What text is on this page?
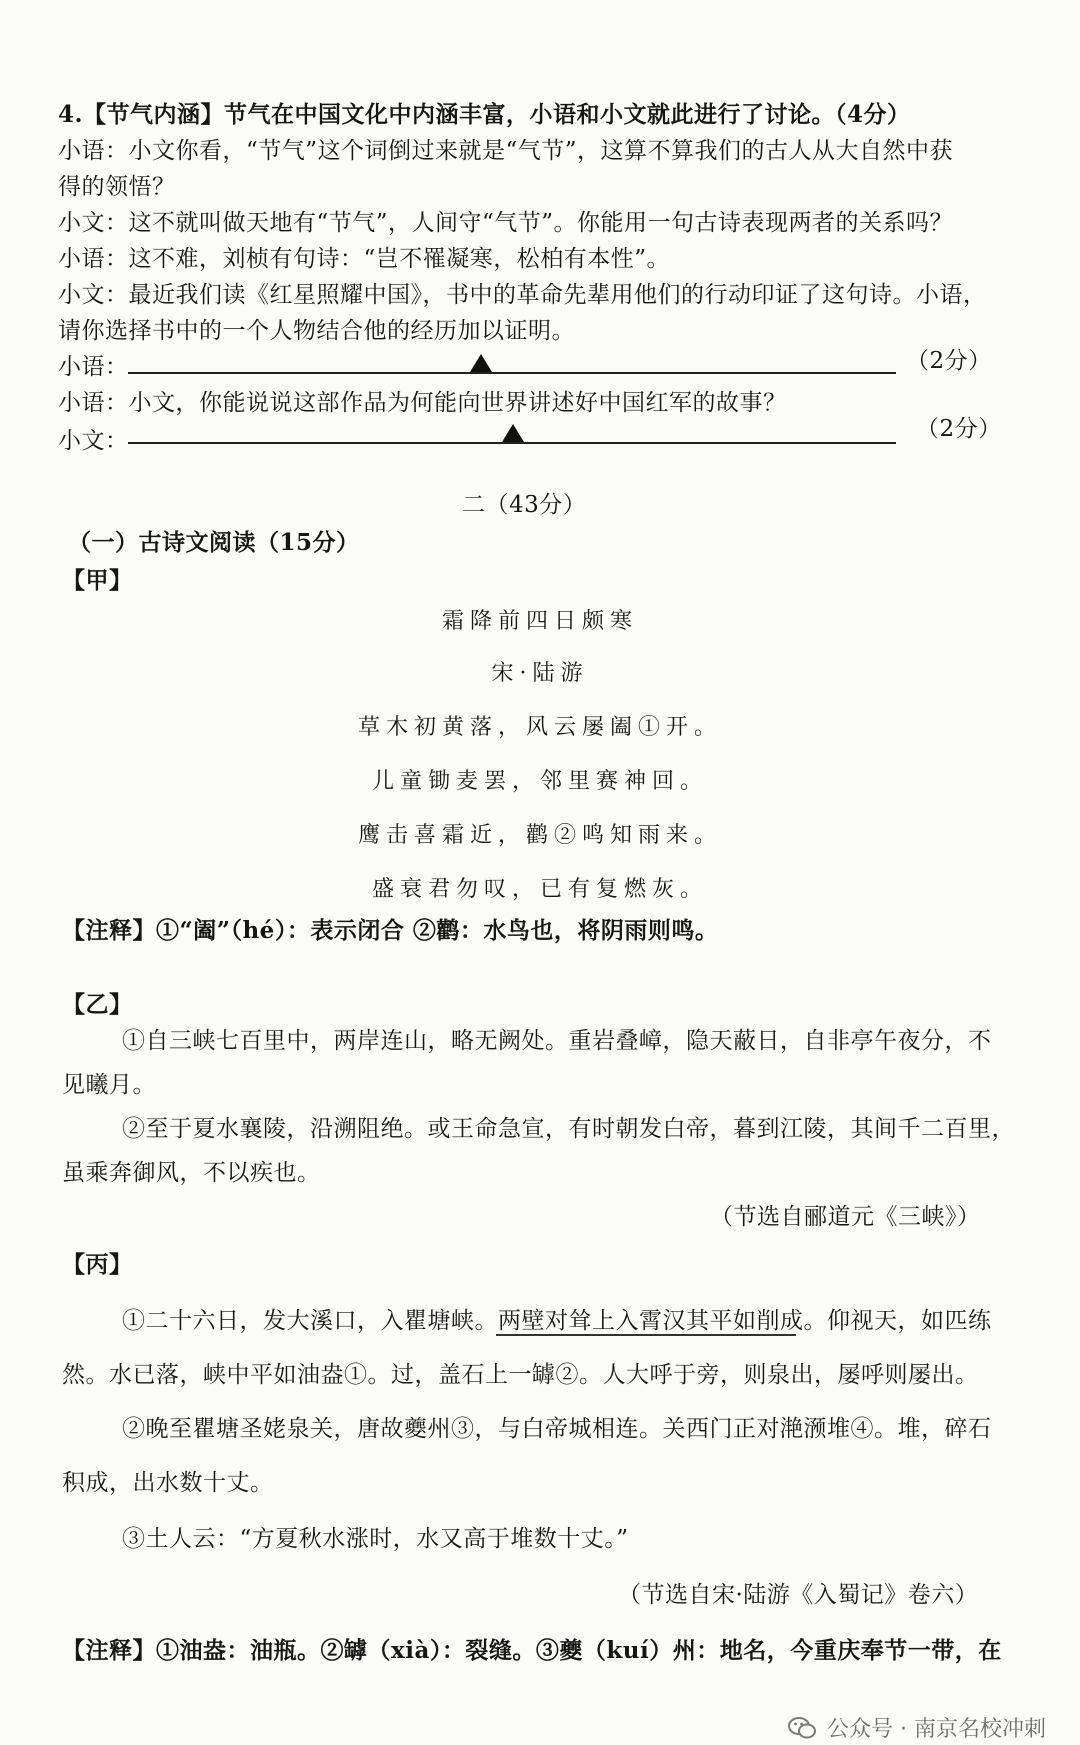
4.【节气内涵】节气在中国文化中内涵丰富，小语和小文就此进行了讨论。（4分）
小语：小文你看，“节气”这个词倒过来就是“气节”，这算不算我们的古人从大自然中获
得的领悟？
小文：这不就叫做天地有“节气”，人间守“气节”。你能用一句古诗表现两者的关系吗？
小语：这不难，刘桢有句诗：“岂不罹凝寒，松柏有本性”。
小文：最近我们读《红星照耀中国》，书中的革命先辈用他们的行动印证了这句诗。小语，
请你选择书中的一个人物结合他的经历加以证明。
小语：	（2分）
小语：小文，你能说说这部作品为何能向世界讲述好中国红军的故事？
小文：	（2分）
二（43分）
（一）古诗文阅读（15分）
【甲】
霜降前四日颇寒
宋·陆游
草木初黄落，风云屡阖①开。
儿童锄麦罢，邻里赛神回。
鹰击喜霜近，鹳②鸣知雨来。
盛衰君勿叹，已有复燃灰。
【注释】①“阖”（hé）：表示闭合 ②鹳：水鸟也，将阴雨则鸣。
【乙】
①自三峡七百里中，两岸连山，略无阙处。重岩叠嶂，隐天蔽日，自非亭午夜分，不
见曦月。
②至于夏水襄陵，沿溯阻绝。或王命急宣，有时朝发白帝，暮到江陵，其间千二百里，
虽乘奔御风，不以疾也。
（节选自郦道元《三峡》）
【丙】
①二十六日，发大溪口，入瞿塘峡。两壁对耸上入霄汉其平如削成。仰视天，如匹练
然。水已落，峡中平如油盎①。过，盖石上一罅②。人大呼于旁，则泉出，屡呼则屡出。
②晚至瞿塘圣姥泉关，唐故夔州③，与白帝城相连。关西门正对滟滪堆④。堆，碎石
积成，出水数十丈。
③土人云：“方夏秋水涨时，水又高于堆数十丈。”
（节选自宋·陆游《入蜀记》卷六）
【注释】①油盎：油瓶。②罅（xià）：裂缝。③夔（kuí）州：地名，今重庆奉节一带，在
公众号 · 南京名校冲刺
